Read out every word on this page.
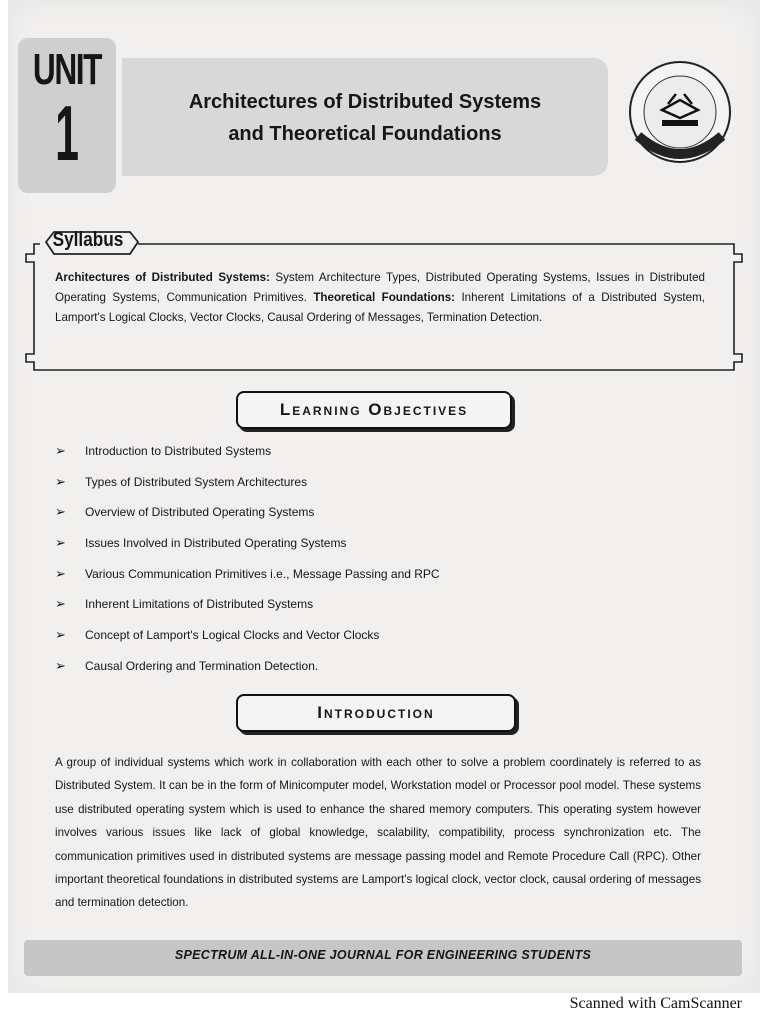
UNIT
1	Architectures of Distributed Systems
and Theoretical Foundations
Syllabus
Architectures of Distributed Systems: System Architecture Types, Distributed Operating Systems, Issues in Distributed Operating Systems, Communication Primitives. Theoretical Foundations: Inherent Limitations of a Distributed System, Lamport's Logical Clocks, Vector Clocks, Causal Ordering of Messages, Termination Detection.
Learning Objectives
➢ Introduction to Distributed Systems
➢ Types of Distributed System Architectures
➢ Overview of Distributed Operating Systems
➢ Issues Involved in Distributed Operating Systems
➢ Various Communication Primitives i.e., Message Passing and RPC
➢ Inherent Limitations of Distributed Systems
➢ Concept of Lamport's Logical Clocks and Vector Clocks
➢ Causal Ordering and Termination Detection.
Introduction
A group of individual systems which work in collaboration with each other to solve a problem coordinately is referred to as Distributed System. It can be in the form of Minicomputer model, Workstation model or Processor pool model. These systems use distributed operating system which is used to enhance the shared memory computers. This operating system however involves various issues like lack of global knowledge, scalability, compatibility, process synchronization etc. The communication primitives used in distributed systems are message passing model and Remote Procedure Call (RPC). Other important theoretical foundations in distributed systems are Lamport's logical clock, vector clock, causal ordering of messages and termination detection.
SPECTRUM ALL-IN-ONE JOURNAL FOR ENGINEERING STUDENTS
Scanned with CamScanner
